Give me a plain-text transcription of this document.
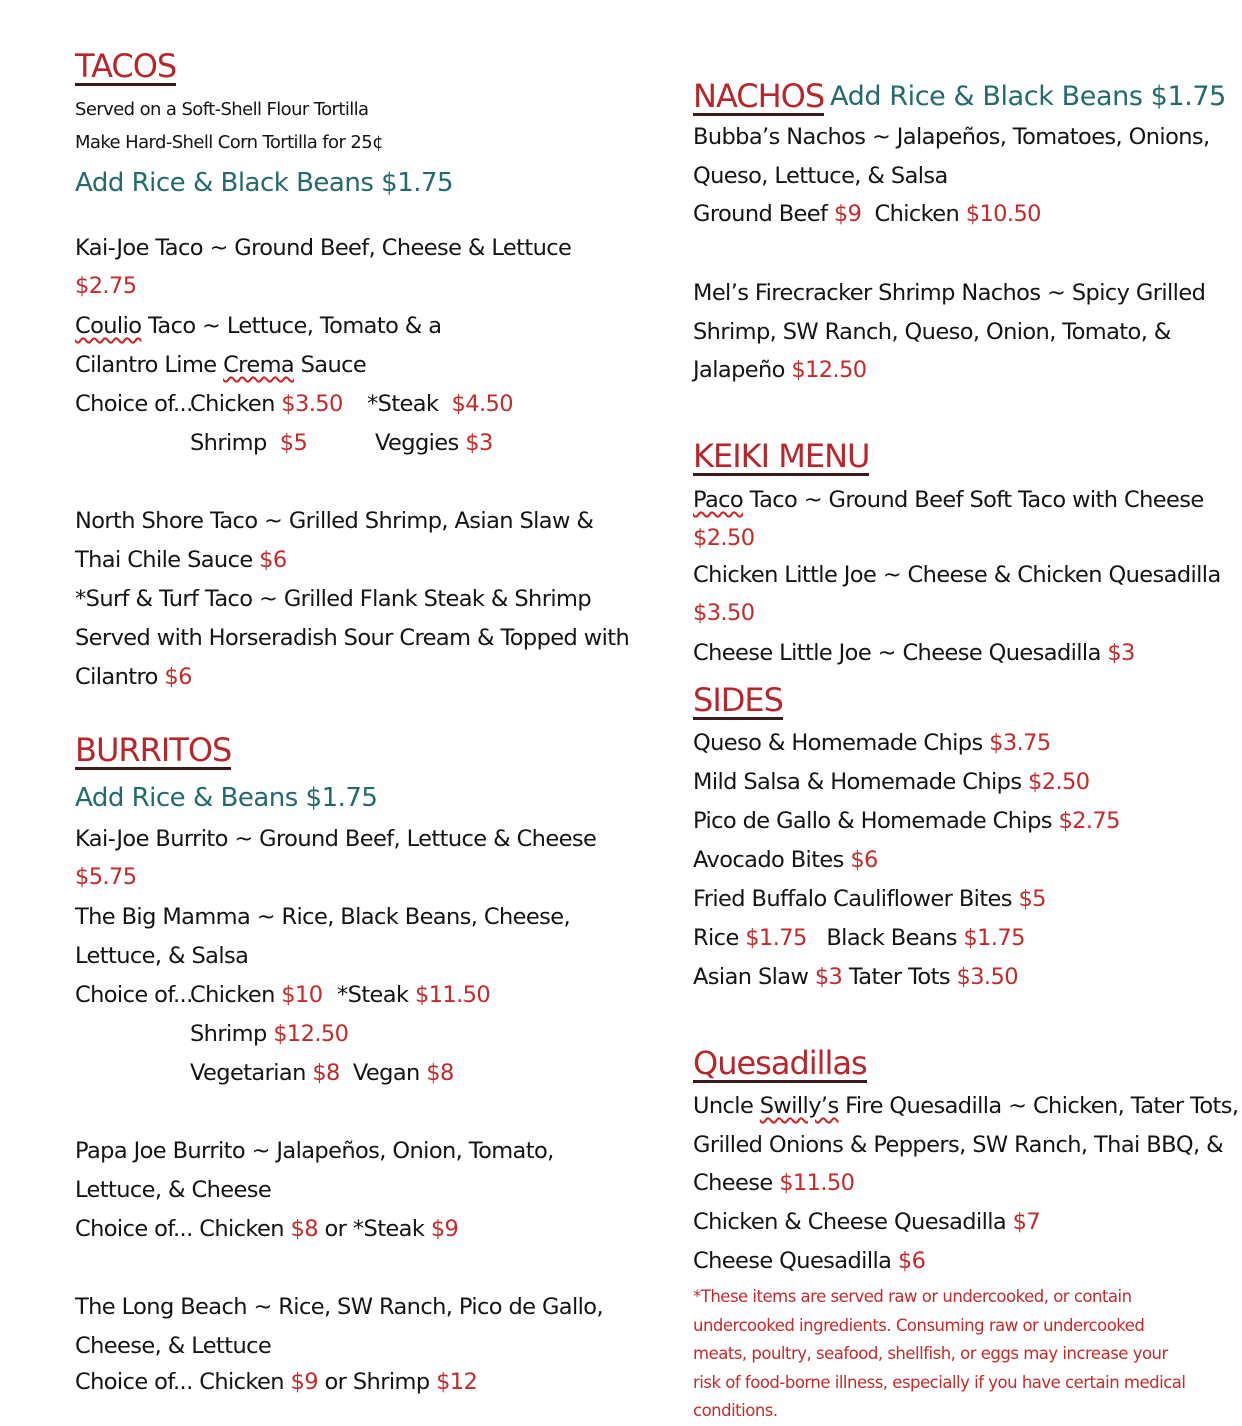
TACOS
Served on a Soft-Shell Flour Tortilla
Make Hard-Shell Corn Tortilla for 25¢
Add Rice & Black Beans $1.75
Kai-Joe Taco ~ Ground Beef, Cheese & Lettuce
$2.75
Coulio Taco ~ Lettuce, Tomato & a
Cilantro Lime Crema Sauce
Choice of...
Chicken $3.50 *Steak $4.50
Shrimp $5	Veggies $3
North Shore Taco ~ Grilled Shrimp, Asian Slaw &
Thai Chile Sauce $6
*Surf & Turf Taco ~ Grilled Flank Steak & Shrimp
Served with Horseradish Sour Cream & Topped with
Cilantro $6
BURRITOS
Add Rice & Beans $1.75
Kai-Joe Burrito ~ Ground Beef, Lettuce & Cheese
$5.75
The Big Mamma ~ Rice, Black Beans, Cheese,
Lettuce, & Salsa
Choice of...
Chicken $10 *Steak $11.50
Shrimp $12.50
Vegetarian $8 Vegan $8
Papa Joe Burrito ~ Jalapeños, Onion, Tomato,
Lettuce, & Cheese
Choice of... Chicken $8 or *Steak $9
The Long Beach ~ Rice, SW Ranch, Pico de Gallo,
Cheese, & Lettuce
Choice of... Chicken $9 or Shrimp $12
NACHOS Add Rice & Black Beans $1.75
Bubba’s Nachos ~ Jalapeños, Tomatoes, Onions,
Queso, Lettuce, & Salsa
Ground Beef $9  Chicken $10.50
Mel’s Firecracker Shrimp Nachos ~ Spicy Grilled
Shrimp, SW Ranch, Queso, Onion, Tomato, &
Jalapeño $12.50
KEIKI MENU
Paco Taco ~ Ground Beef Soft Taco with Cheese
$2.50
Chicken Little Joe ~ Cheese & Chicken Quesadilla
$3.50
Cheese Little Joe ~ Cheese Quesadilla $3
SIDES
Queso & Homemade Chips $3.75
Mild Salsa & Homemade Chips $2.50
Pico de Gallo & Homemade Chips $2.75
Avocado Bites $6
Fried Buffalo Cauliflower Bites $5
Rice $1.75   Black Beans $1.75
Asian Slaw $3 Tater Tots $3.50
Quesadillas
Uncle Swilly’s Fire Quesadilla ~ Chicken, Tater Tots,
Grilled Onions & Peppers, SW Ranch, Thai BBQ, &
Cheese $11.50
Chicken & Cheese Quesadilla $7
Cheese Quesadilla $6
*These items are served raw or undercooked, or contain undercooked ingredients. Consuming raw or undercooked meats, poultry, seafood, shellfish, or eggs may increase your risk of food-borne illness, especially if you have certain medical conditions.
